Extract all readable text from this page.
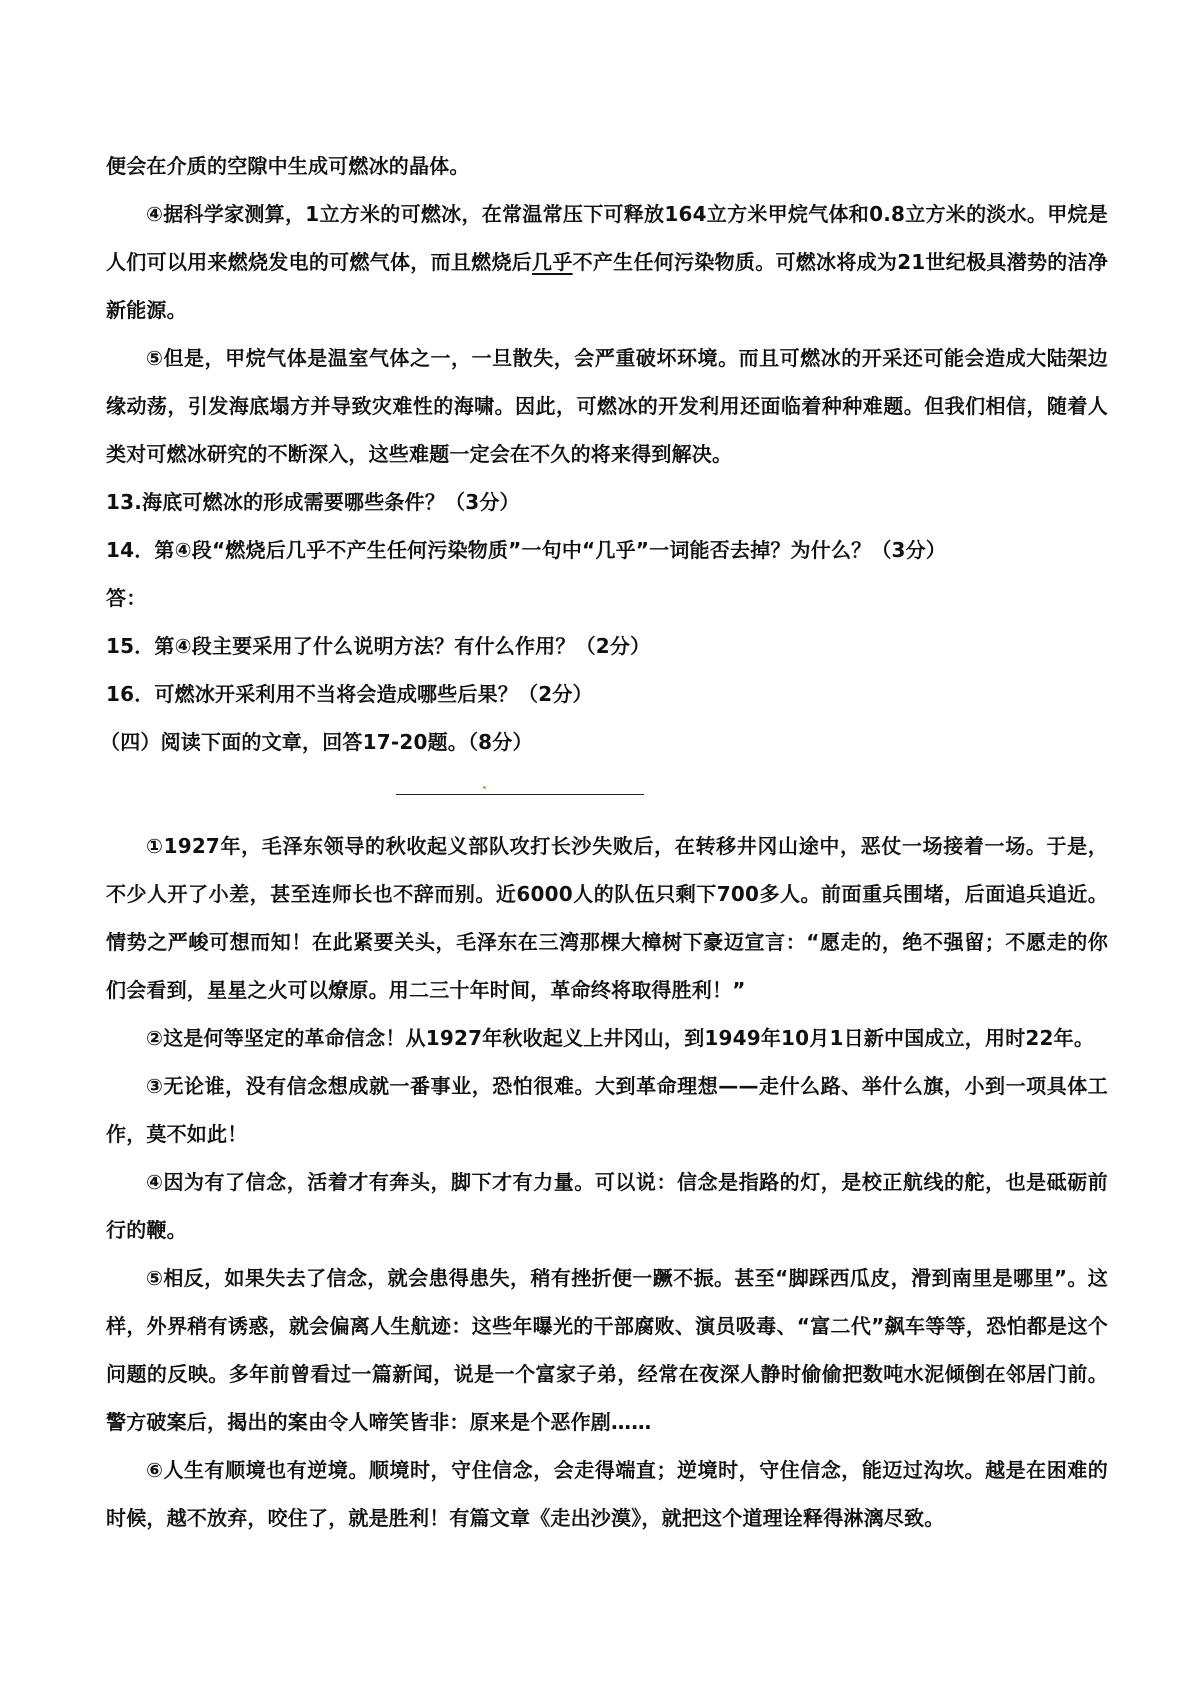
便会在介质的空隙中生成可燃冰的晶体。

④据科学家测算，1立方米的可燃冰，在常温常压下可释放164立方米甲烷气体和0.8立方米的淡水。甲烷是人们可以用来燃烧发电的可燃气体，而且燃烧后几乎不产生任何污染物质。可燃冰将成为21世纪极具潜势的洁净新能源。

⑤但是，甲烷气体是温室气体之一，一旦散失，会严重破坏环境。而且可燃冰的开采还可能会造成大陆架边缘动荡，引发海底塌方并导致灾难性的海啸。因此，可燃冰的开发利用还面临着种种难题。但我们相信，随着人类对可燃冰研究的不断深入，这些难题一定会在不久的将来得到解决。

13.海底可燃冰的形成需要哪些条件？（3分）

14．第④段“燃烧后几乎不产生任何污染物质”一句中“几乎”一词能否去掉？为什么？（3分）

答：

15．第④段主要采用了什么说明方法？有什么作用？（2分）

16．可燃冰开采利用不当将会造成哪些后果？（2分）

（四）阅读下面的文章，回答17-20题。（8分）

①1927年，毛泽东领导的秋收起义部队攻打长沙失败后，在转移井冈山途中，恶仗一场接着一场。于是，不少人开了小差，甚至连师长也不辞而别。近6000人的队伍只剩下700多人。前面重兵围堵，后面追兵追近。情势之严峻可想而知！在此紧要关头，毛泽东在三湾那棵大樟树下豪迈宣言：“愿走的，绝不强留；不愿走的你们会看到，星星之火可以燎原。用二三十年时间，革命终将取得胜利！”

②这是何等坚定的革命信念！从1927年秋收起义上井冈山，到1949年10月1日新中国成立，用时22年。

③无论谁，没有信念想成就一番事业，恐怕很难。大到革命理想——走什么路、举什么旗，小到一项具体工作，莫不如此！

④因为有了信念，活着才有奔头，脚下才有力量。可以说：信念是指路的灯，是校正航线的舵，也是砥砺前行的鞭。

⑤相反，如果失去了信念，就会患得患失，稍有挫折便一蹶不振。甚至“脚踩西瓜皮，滑到南里是哪里”。这样，外界稍有诱惑，就会偏离人生航迹：这些年曝光的干部腐败、演员吸毒、“富二代”飙车等等，恐怕都是这个问题的反映。多年前曾看过一篇新闻，说是一个富家子弟，经常在夜深人静时偷偷把数吨水泥倾倒在邻居门前。警方破案后，揭出的案由令人啼笑皆非：原来是个恶作剧……

⑥人生有顺境也有逆境。顺境时，守住信念，会走得端直；逆境时，守住信念，能迈过沟坎。越是在困难的时候，越不放弃，咬住了，就是胜利！有篇文章《走出沙漠》，就把这个道理诠释得淋漓尽致。
